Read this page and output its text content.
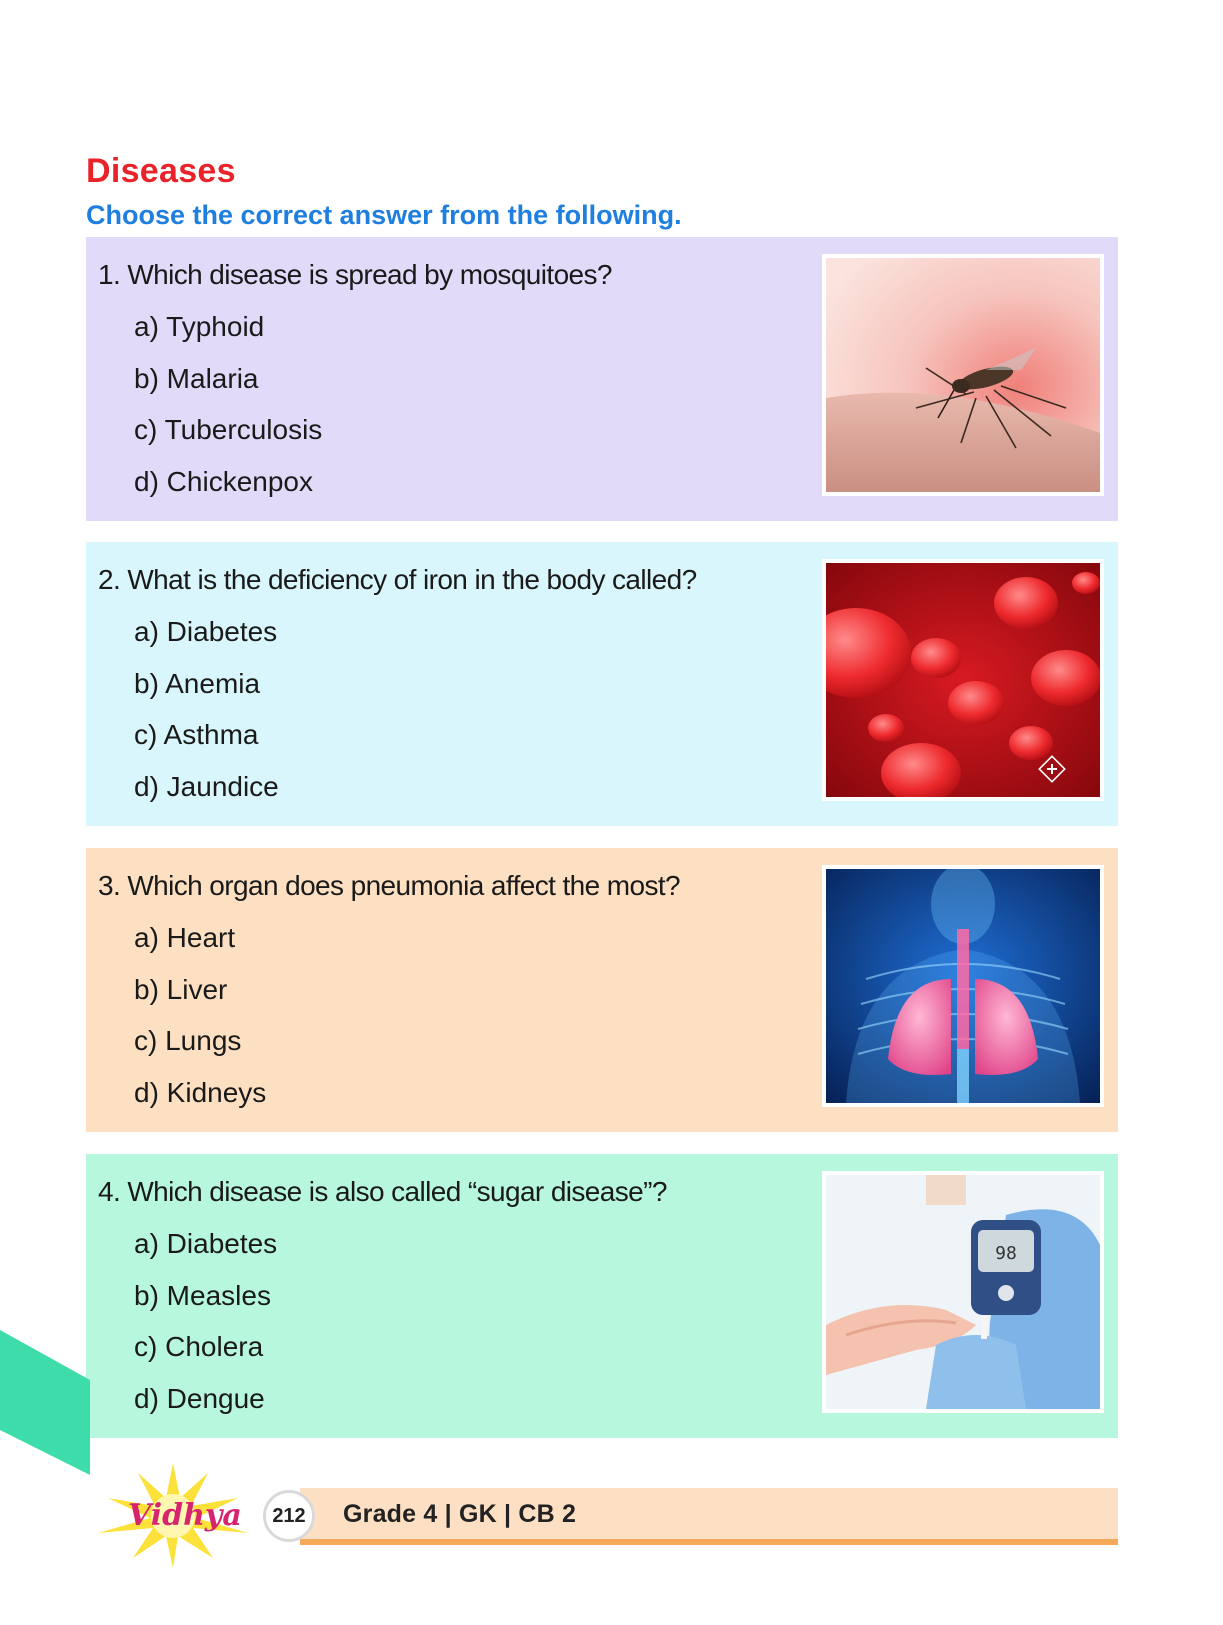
Diseases
Choose the correct answer from the following.

1. Which disease is spread by mosquitoes?

a) Typhoid
b) Malaria
c) Tuberculosis
d) Chickenpox

2. What is the deficiency of iron in the body called?

a) Diabetes
b) Anemia
c) Asthma
d) Jaundice

3. Which organ does pneumonia affect the most?

a) Heart
b) Liver
c) Lungs
d) Kidneys

4. Which disease is also called “sugar disease”?

a) Diabetes
b) Measles
c) Cholera
d) Dengue
98
Vidhya	212	Grade 4 | GK | CB 2
